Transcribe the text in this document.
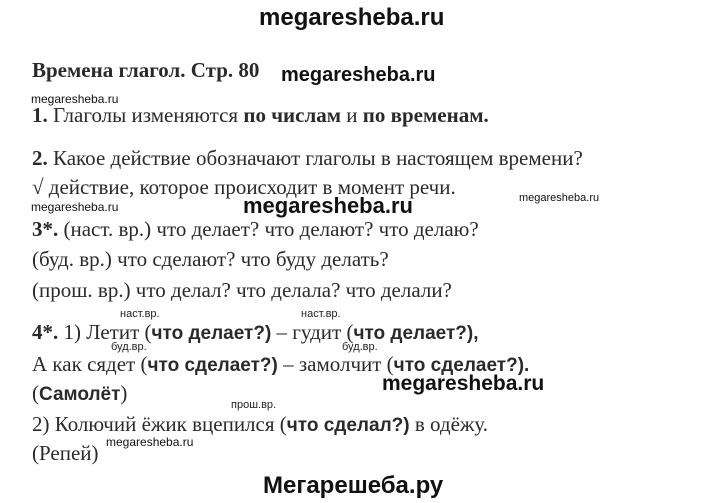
megaresheba.ru
megaresheba.ru
megaresheba.ru
megaresheba.ru	megaresheba.ru	megaresheba.ru
megaresheba.ru
megaresheba.ru
Мегарешеба.ру
Времена глагол. Стр. 80
1. Глаголы изменяются по числам и по временам.
2. Какое действие обозначают глаголы в настоящем времени?
√ действие, которое происходит в момент речи.
3*. (наст. вр.) что делает? что делают? что делаю?
(буд. вр.) что сделают? что буду делать?
(прош. вр.) что делал? что делала? что делали?
наст.вр.	наст.вр.
буд.вр.	буд.вр.
прош.вр.
4*. 1) Летит (что делает?) – гудит (что делает?),
А как сядет (что сделает?) – замолчит (что сделает?).
(Самолёт)
2) Колючий ёжик вцепился (что сделал?) в одёжу.
(Репей)
